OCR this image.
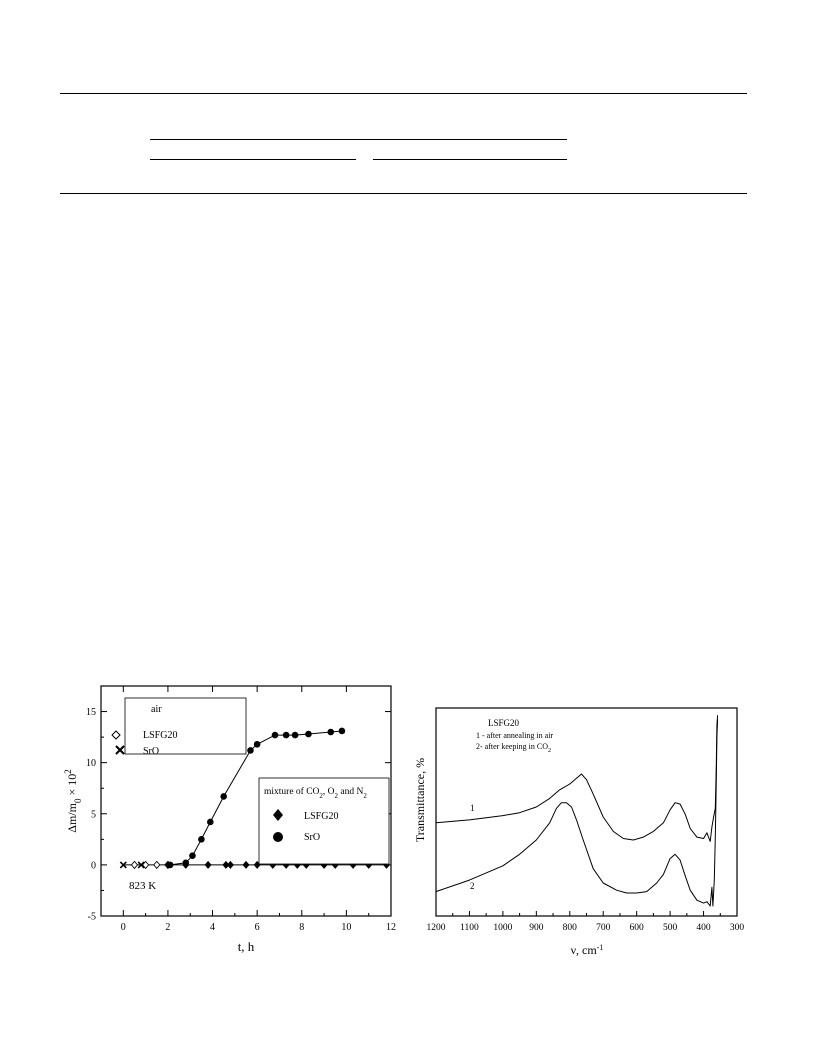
0	2	4	6	8	10	12
-5
0
5
10
15	air
LSFG20
SrO
mixture of $CO_2$, $O_2$ and $N_2$
LSFG20
SrO
823 K
t, h
$\Delta m/m_0 \times 10^2$
1200 1100 1000 900 800 700 600 500 400 300
LSFG20
1 - after annealing in air
2- after keeping in $CO_2$
1
2
ν, $cm^{-1}$
Transmittance, %
